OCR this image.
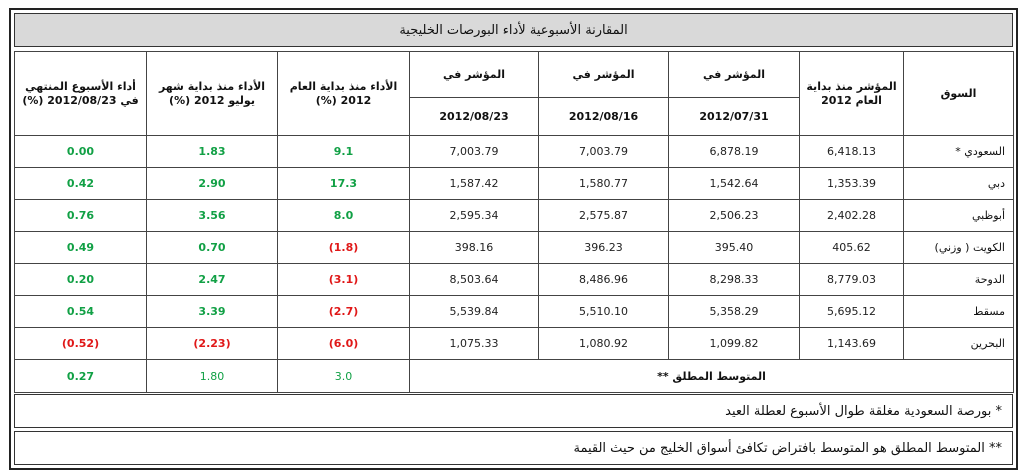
المقارنة الأسبوعية لأداء البورصات الخليجية
السوق	المؤشر منذ بداية العام 2012	المؤشر في	المؤشر في	المؤشر في	الأداء منذ بداية العام 2012 (%)	الأداء منذ بداية شهر يوليو 2012 (%)	أداء الأسبوع المنتهي في 2012/08/23 (%)
		2012/07/31	2012/08/16	2012/08/23			
السعودي *	6,418.13	6,878.19	7,003.79	7,003.79	9.1	1.83	0.00
دبي	1,353.39	1,542.64	1,580.77	1,587.42	17.3	2.90	0.42
أبوظبي	2,402.28	2,506.23	2,575.87	2,595.34	8.0	3.56	0.76
الكويت ( وزني)	405.62	395.40	396.23	398.16	(1.8)	0.70	0.49
الدوحة	8,779.03	8,298.33	8,486.96	8,503.64	(3.1)	2.47	0.20
مسقط	5,695.12	5,358.29	5,510.10	5,539.84	(2.7)	3.39	0.54
البحرين	1,143.69	1,099.82	1,080.92	1,075.33	(6.0)	(2.23)	(0.52)
المتوسط المطلق **					3.0	1.80	0.27
* بورصة السعودية مغلقة طوال الأسبوع لعطلة العيد
** المتوسط المطلق هو المتوسط بافتراض تكافئ أسواق الخليج من حيث القيمة
